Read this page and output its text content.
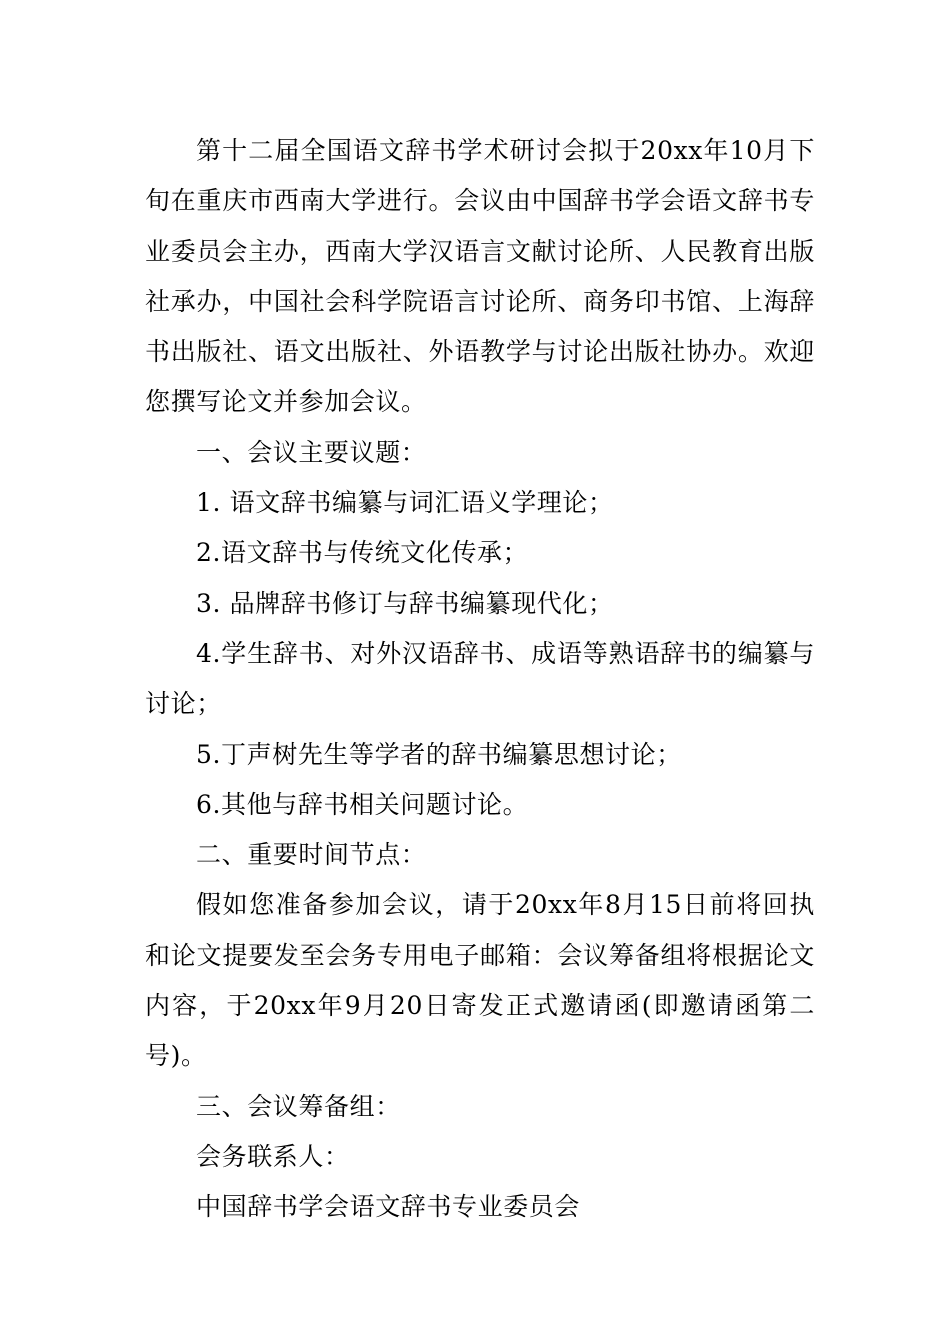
第十二届全国语文辞书学术研讨会拟于20xx年10月下旬在重庆市西南大学进行。会议由中国辞书学会语文辞书专业委员会主办，西南大学汉语言文献讨论所、人民教育出版社承办，中国社会科学院语言讨论所、商务印书馆、上海辞书出版社、语文出版社、外语教学与讨论出版社协办。欢迎您撰写论文并参加会议。

一、会议主要议题：

1. 语文辞书编纂与词汇语义学理论；

2.语文辞书与传统文化传承；

3. 品牌辞书修订与辞书编纂现代化；

4.学生辞书、对外汉语辞书、成语等熟语辞书的编纂与讨论；

5.丁声树先生等学者的辞书编纂思想讨论；

6.其他与辞书相关问题讨论。

二、重要时间节点：

假如您准备参加会议，请于20xx年8月15日前将回执和论文提要发至会务专用电子邮箱：会议筹备组将根据论文内容，于20xx年9月20日寄发正式邀请函(即邀请函第二号)。

三、会议筹备组：

会务联系人：

中国辞书学会语文辞书专业委员会
